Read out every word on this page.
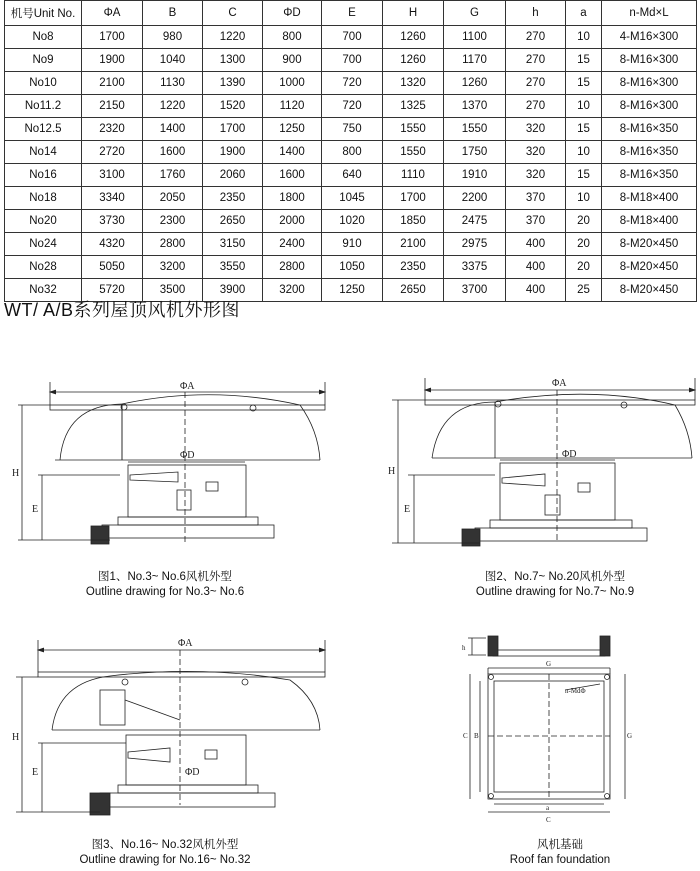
机号Unit No.	ΦA	B	C	ΦD	E	H	G	h	a	n-Md×L
No8	1700	980	1220	800	700	1260	1100	270	10	4-M16×300
No9	1900	1040	1300	900	700	1260	1170	270	15	8-M16×300
No10	2100	1130	1390	1000	720	1320	1260	270	15	8-M16×300
No11.2	2150	1220	1520	1120	720	1325	1370	270	10	8-M16×300
No12.5	2320	1400	1700	1250	750	1550	1550	320	15	8-M16×350
No14	2720	1600	1900	1400	800	1550	1750	320	10	8-M16×350
No16	3100	1760	2060	1600	640	1110	1910	320	15	8-M16×350
No18	3340	2050	2350	1800	1045	1700	2200	370	10	8-M18×400
No20	3730	2300	2650	2000	1020	1850	2475	370	20	8-M18×400
No24	4320	2800	3150	2400	910	2100	2975	400	20	8-M20×450
No28	5050	3200	3550	2800	1050	2350	3375	400	20	8-M20×450
No32	5720	3500	3900	3200	1250	2650	3700	400	25	8-M20×450
WT/ A/B系列屋顶风机外形图
ΦA
ΦD
H
E
ΦA
ΦD
H
E
ΦA
ΦD
H
E
h
G
B
C	G
a
C
n-MdΦ
图1、No.3~ No.6风机外型
Outline drawing for No.3~ No.6
图2、No.7~ No.20风机外型
Outline drawing for No.7~ No.9
图3、No.16~ No.32风机外型
Outline drawing for No.16~ No.32
风机基础
Roof fan foundation
